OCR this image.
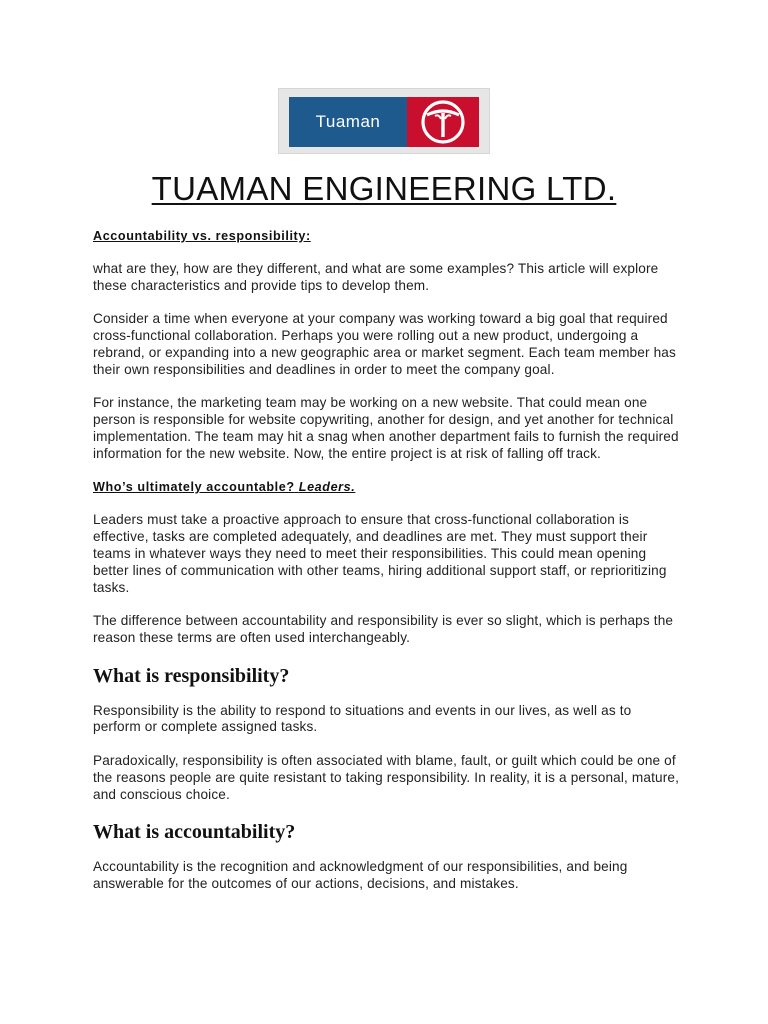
Tuaman
TUAMAN ENGINEERING LTD.
Accountability vs. responsibility:

what are they, how are they different, and what are some examples? This article will explore these characteristics and provide tips to develop them.

Consider a time when everyone at your company was working toward a big goal that required cross-functional collaboration. Perhaps you were rolling out a new product, undergoing a rebrand, or expanding into a new geographic area or market segment. Each team member has their own responsibilities and deadlines in order to meet the company goal.

For instance, the marketing team may be working on a new website. That could mean one person is responsible for website copywriting, another for design, and yet another for technical implementation. The team may hit a snag when another department fails to furnish the required information for the new website. Now, the entire project is at risk of falling off track.

Who’s ultimately accountable? Leaders.

Leaders must take a proactive approach to ensure that cross-functional collaboration is effective, tasks are completed adequately, and deadlines are met. They must support their teams in whatever ways they need to meet their responsibilities. This could mean opening better lines of communication with other teams, hiring additional support staff, or reprioritizing tasks.

The difference between accountability and responsibility is ever so slight, which is perhaps the reason these terms are often used interchangeably.

What is responsibility?

Responsibility is the ability to respond to situations and events in our lives, as well as to perform or complete assigned tasks.

Paradoxically, responsibility is often associated with blame, fault, or guilt which could be one of the reasons people are quite resistant to taking responsibility. In reality, it is a personal, mature, and conscious choice.

What is accountability?

Accountability is the recognition and acknowledgment of our responsibilities, and being answerable for the outcomes of our actions, decisions, and mistakes.
